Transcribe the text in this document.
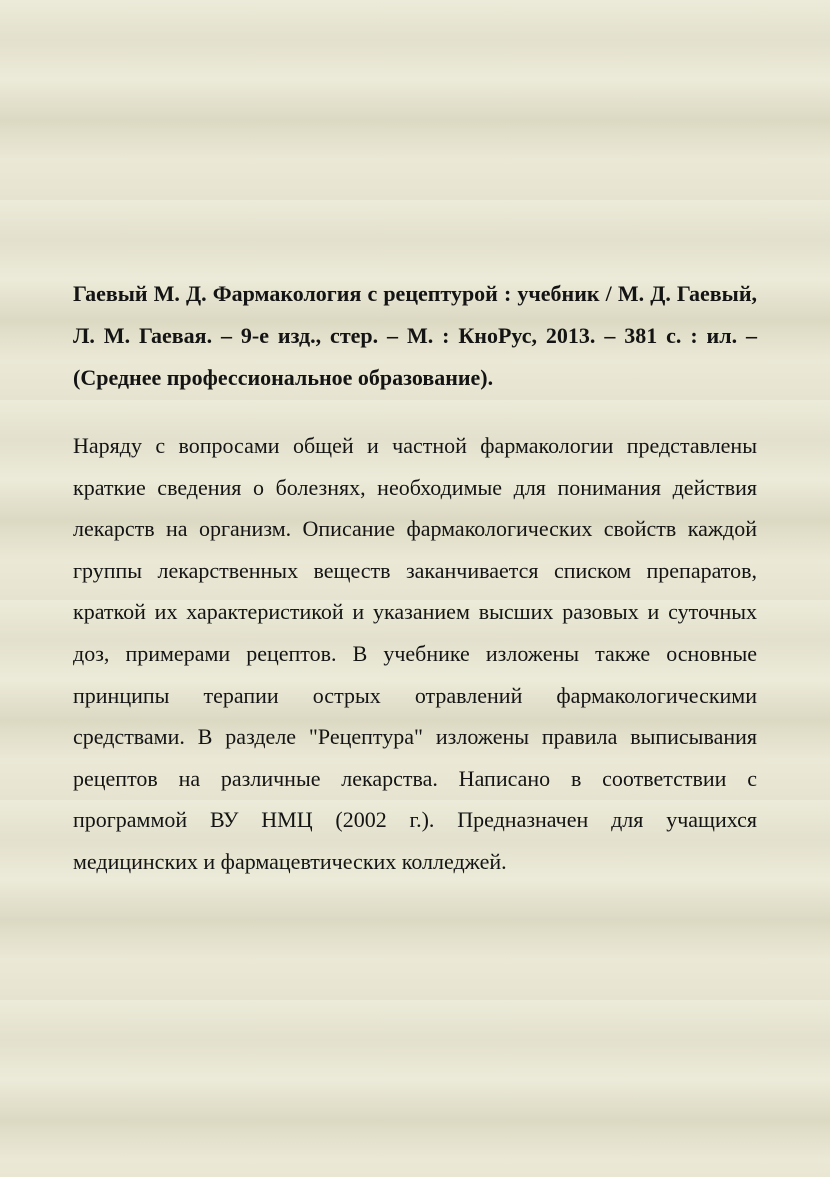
Гаевый М. Д. Фармакология с рецептурой : учебник / М. Д. Гаевый, Л. М. Гаевая. – 9-е изд., стер. – М. : КноРус, 2013. – 381 с. : ил. – (Среднее профессиональное образование).

Наряду с вопросами общей и частной фармакологии представлены краткие сведения о болезнях, необходимые для понимания действия лекарств на организм. Описание фармакологических свойств каждой группы лекарственных веществ заканчивается списком препаратов, краткой их характеристикой и указанием высших разовых и суточных доз, примерами рецептов. В учебнике изложены также основные принципы терапии острых отравлений фармакологическими средствами. В разделе "Рецептура" изложены правила выписывания рецептов на различные лекарства. Написано в соответствии с программой ВУ НМЦ (2002 г.). Предназначен для учащихся медицинских и фармацевтических колледжей.
